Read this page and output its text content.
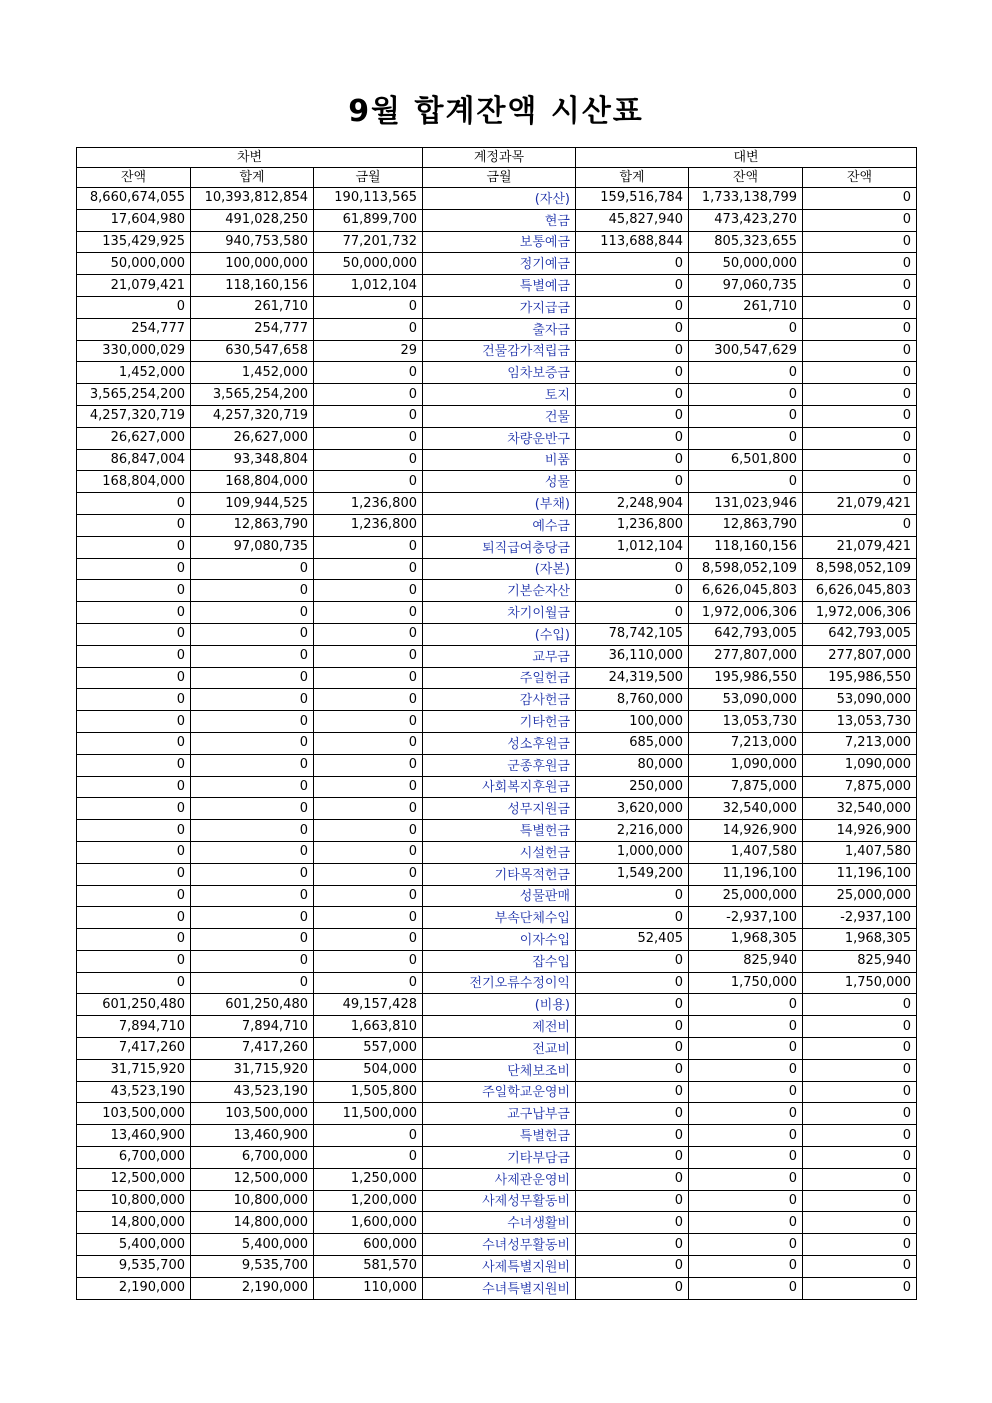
9월 합계잔액 시산표
차변			계정과목	대변		
잔액	합계	금월	금월	합계	잔액	잔액
8,660,674,055	10,393,812,854	190,113,565	(자산)	159,516,784	1,733,138,799	0
17,604,980	491,028,250	61,899,700	현금	45,827,940	473,423,270	0
135,429,925	940,753,580	77,201,732	보통예금	113,688,844	805,323,655	0
50,000,000	100,000,000	50,000,000	정기예금	0	50,000,000	0
21,079,421	118,160,156	1,012,104	특별예금	0	97,060,735	0
0	261,710	0	가지급금	0	261,710	0
254,777	254,777	0	출자금	0	0	0
330,000,029	630,547,658	29	건물감가적립금	0	300,547,629	0
1,452,000	1,452,000	0	임차보증금	0	0	0
3,565,254,200	3,565,254,200	0	토지	0	0	0
4,257,320,719	4,257,320,719	0	건물	0	0	0
26,627,000	26,627,000	0	차량운반구	0	0	0
86,847,004	93,348,804	0	비품	0	6,501,800	0
168,804,000	168,804,000	0	성물	0	0	0
0	109,944,525	1,236,800	(부채)	2,248,904	131,023,946	21,079,421
0	12,863,790	1,236,800	예수금	1,236,800	12,863,790	0
0	97,080,735	0	퇴직급여충당금	1,012,104	118,160,156	21,079,421
0	0	0	(자본)	0	8,598,052,109	8,598,052,109
0	0	0	기본순자산	0	6,626,045,803	6,626,045,803
0	0	0	차기이월금	0	1,972,006,306	1,972,006,306
0	0	0	(수입)	78,742,105	642,793,005	642,793,005
0	0	0	교무금	36,110,000	277,807,000	277,807,000
0	0	0	주일헌금	24,319,500	195,986,550	195,986,550
0	0	0	감사헌금	8,760,000	53,090,000	53,090,000
0	0	0	기타헌금	100,000	13,053,730	13,053,730
0	0	0	성소후원금	685,000	7,213,000	7,213,000
0	0	0	군종후원금	80,000	1,090,000	1,090,000
0	0	0	사회복지후원금	250,000	7,875,000	7,875,000
0	0	0	성무지원금	3,620,000	32,540,000	32,540,000
0	0	0	특별헌금	2,216,000	14,926,900	14,926,900
0	0	0	시설헌금	1,000,000	1,407,580	1,407,580
0	0	0	기타목적헌금	1,549,200	11,196,100	11,196,100
0	0	0	성물판매	0	25,000,000	25,000,000
0	0	0	부속단체수입	0	-2,937,100	-2,937,100
0	0	0	이자수입	52,405	1,968,305	1,968,305
0	0	0	잡수입	0	825,940	825,940
0	0	0	전기오류수정이익	0	1,750,000	1,750,000
601,250,480	601,250,480	49,157,428	(비용)	0	0	0
7,894,710	7,894,710	1,663,810	제전비	0	0	0
7,417,260	7,417,260	557,000	전교비	0	0	0
31,715,920	31,715,920	504,000	단체보조비	0	0	0
43,523,190	43,523,190	1,505,800	주일학교운영비	0	0	0
103,500,000	103,500,000	11,500,000	교구납부금	0	0	0
13,460,900	13,460,900	0	특별헌금	0	0	0
6,700,000	6,700,000	0	기타부담금	0	0	0
12,500,000	12,500,000	1,250,000	사제관운영비	0	0	0
10,800,000	10,800,000	1,200,000	사제성무활동비	0	0	0
14,800,000	14,800,000	1,600,000	수녀생활비	0	0	0
5,400,000	5,400,000	600,000	수녀성무활동비	0	0	0
9,535,700	9,535,700	581,570	사제특별지원비	0	0	0
2,190,000	2,190,000	110,000	수녀특별지원비	0	0	0
